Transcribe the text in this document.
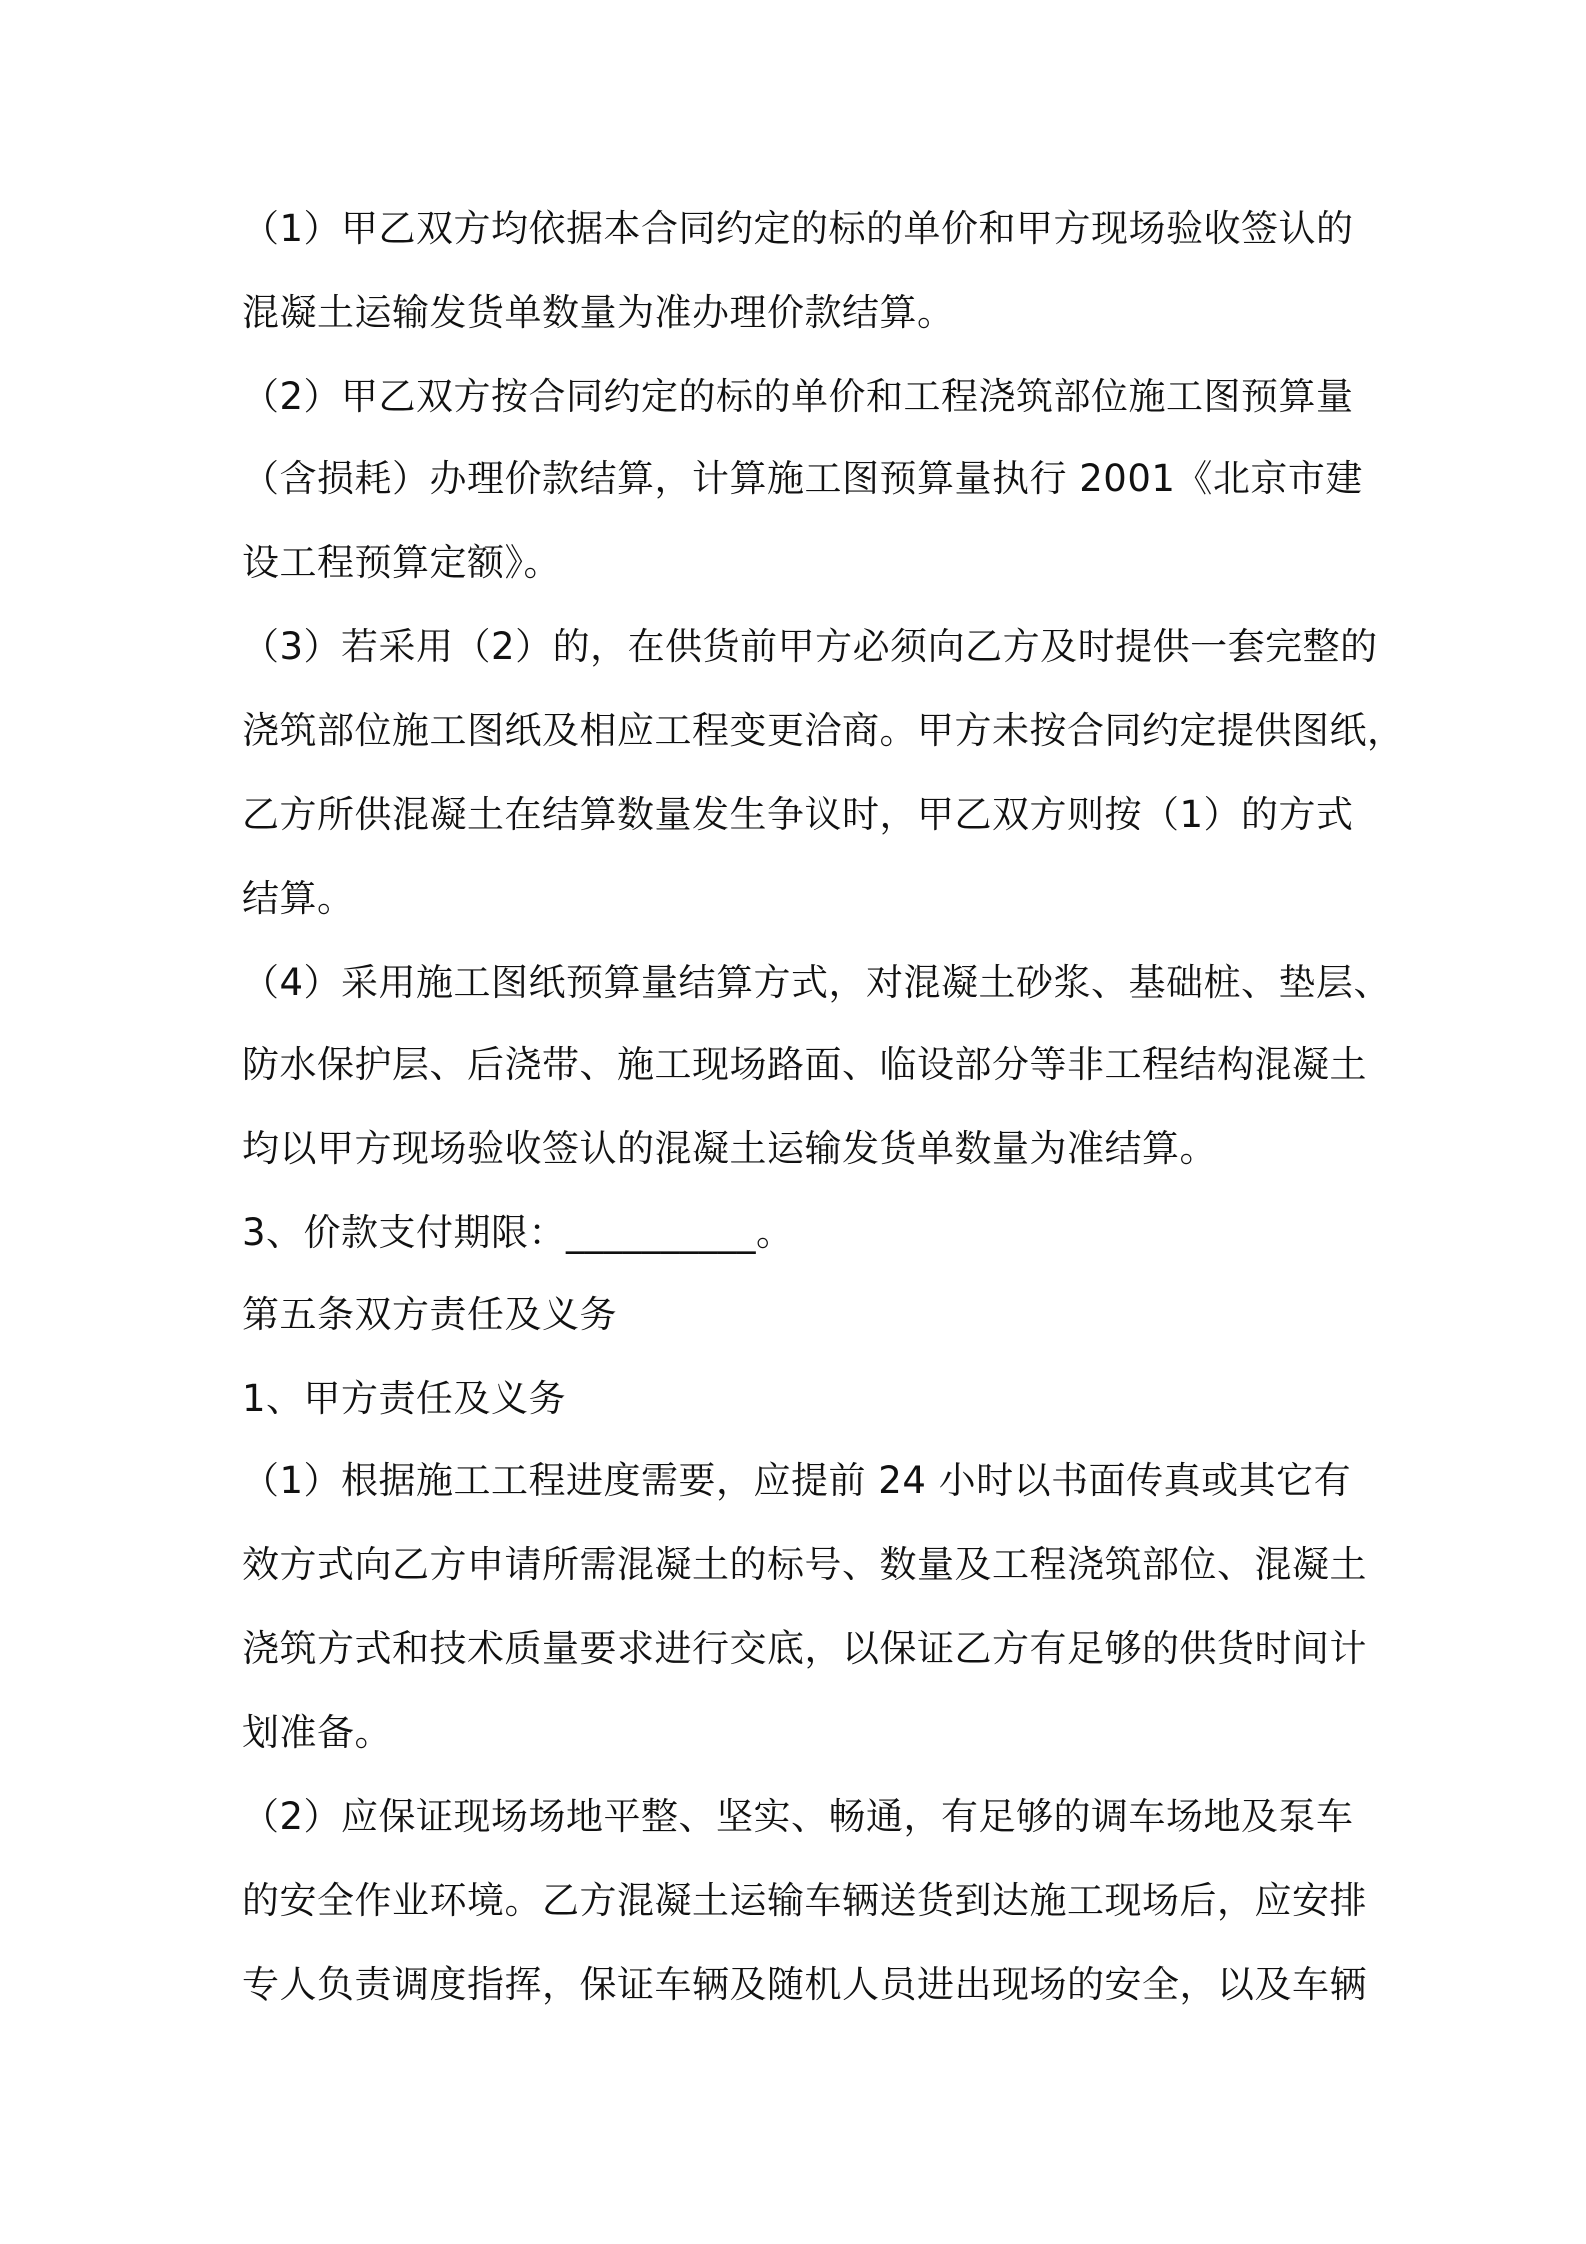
（1）甲乙双方均依据本合同约定的标的单价和甲方现场验收签认的
混凝土运输发货单数量为准办理价款结算。
（2）甲乙双方按合同约定的标的单价和工程浇筑部位施工图预算量
（含损耗）办理价款结算，计算施工图预算量执行 2001《北京市建
设工程预算定额》。
（3）若采用（2）的，在供货前甲方必须向乙方及时提供一套完整的
浇筑部位施工图纸及相应工程变更洽商。甲方未按合同约定提供图纸，
乙方所供混凝土在结算数量发生争议时，甲乙双方则按（1）的方式
结算。
（4）采用施工图纸预算量结算方式，对混凝土砂浆、基础桩、垫层、
防水保护层、后浇带、施工现场路面、临设部分等非工程结构混凝土
均以甲方现场验收签认的混凝土运输发货单数量为准结算。
3、价款支付期限：__________。
第五条双方责任及义务
1、甲方责任及义务
（1）根据施工工程进度需要，应提前 24 小时以书面传真或其它有
效方式向乙方申请所需混凝土的标号、数量及工程浇筑部位、混凝土
浇筑方式和技术质量要求进行交底，以保证乙方有足够的供货时间计
划准备。
（2）应保证现场场地平整、坚实、畅通，有足够的调车场地及泵车
的安全作业环境。乙方混凝土运输车辆送货到达施工现场后，应安排
专人负责调度指挥，保证车辆及随机人员进出现场的安全，以及车辆
